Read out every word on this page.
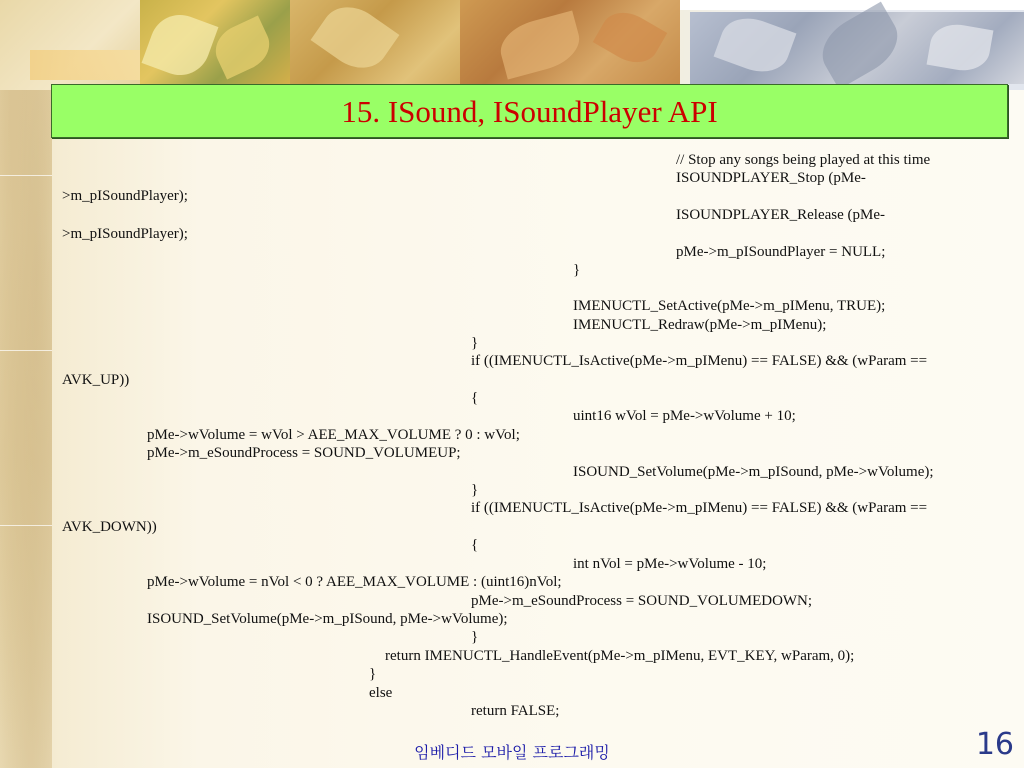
15. ISound, ISoundPlayer API
// Stop any songs being played at this time
ISOUNDPLAYER_Stop (pMe-
>m_pISoundPlayer);
ISOUNDPLAYER_Release (pMe-
>m_pISoundPlayer);
pMe->m_pISoundPlayer = NULL;
}
IMENUCTL_SetActive(pMe->m_pIMenu, TRUE);
IMENUCTL_Redraw(pMe->m_pIMenu);
}
if ((IMENUCTL_IsActive(pMe->m_pIMenu) == FALSE) && (wParam ==
AVK_UP))
{
uint16 wVol = pMe->wVolume + 10;
pMe->wVolume = wVol > AEE_MAX_VOLUME ? 0 : wVol;
pMe->m_eSoundProcess = SOUND_VOLUMEUP;
ISOUND_SetVolume(pMe->m_pISound, pMe->wVolume);
}
if ((IMENUCTL_IsActive(pMe->m_pIMenu) == FALSE) && (wParam ==
AVK_DOWN))
{
int nVol = pMe->wVolume - 10;
pMe->wVolume = nVol < 0 ? AEE_MAX_VOLUME : (uint16)nVol;
pMe->m_eSoundProcess = SOUND_VOLUMEDOWN;
ISOUND_SetVolume(pMe->m_pISound, pMe->wVolume);
}
return IMENUCTL_HandleEvent(pMe->m_pIMenu, EVT_KEY, wParam, 0);
}
else
return FALSE;
임베디드 모바일 프로그래밍	16
